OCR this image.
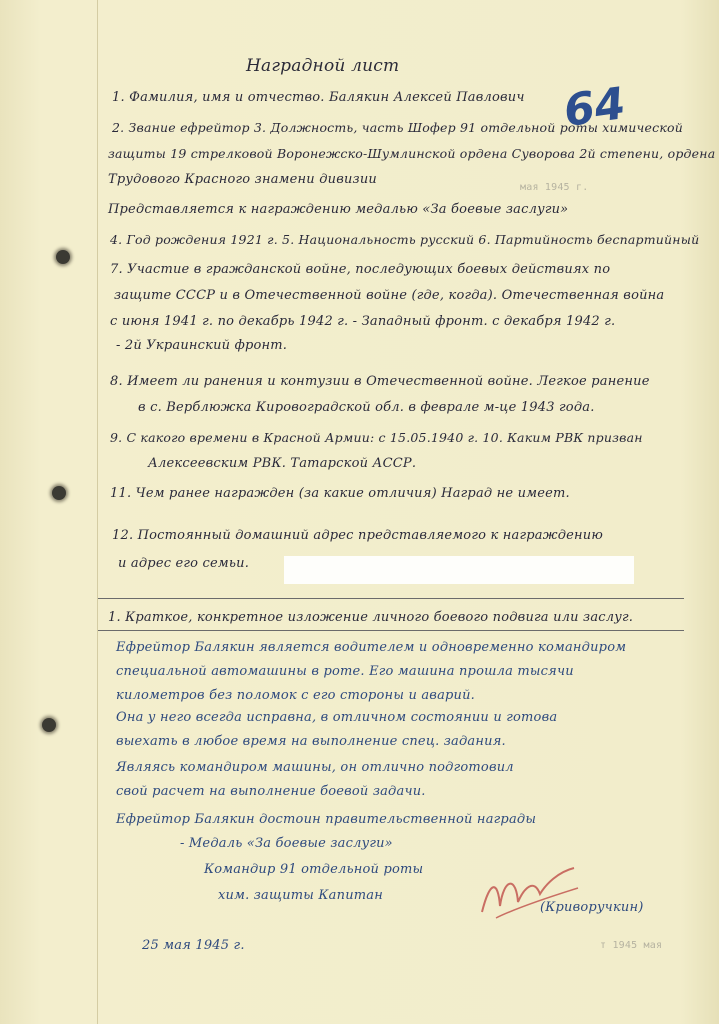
Наградной лист
64
мая 1945 г.
1. Фамилия, имя и отчество. Балякин Алексей Павлович
2. Звание ефрейтор 3. Должность, часть Шофер 91 отдельной роты химической
защиты 19 стрелковой Воронежско-Шумлинской ордена Суворова 2й степени, ордена
Трудового Красного знамени дивизии
Представляется к награждению медалью «За боевые заслуги»
4. Год рождения 1921 г. 5. Национальность русский 6. Партийность беспартийный
7. Участие в гражданской войне, последующих боевых действиях по
защите СССР и в Отечественной войне (где, когда). Отечественная война
с июня 1941 г. по декабрь 1942 г. - Западный фронт. с декабря 1942 г.
- 2й Украинский фронт.
8. Имеет ли ранения и контузии в Отечественной войне. Легкое ранение
в с. Верблюжка Кировоградской обл. в феврале м-це 1943 года.
9. С какого времени в Красной Армии: с 15.05.1940 г. 10. Каким РВК призван
Алексеевским РВК. Татарской АССР.
11. Чем ранее награжден (за какие отличия) Наград не имеет.
12. Постоянный домашний адрес представляемого к награждению
и адрес его семьи.
1. Краткое, конкретное изложение личного боевого подвига или заслуг.
Ефрейтор Балякин является водителем и одновременно командиром
специальной автомашины в роте. Его машина прошла тысячи
километров без поломок с его стороны и аварий.
Она у него всегда исправна, в отличном состоянии и готова
выехать в любое время на выполнение спец. задания.
Являясь командиром машины, он отлично подготовил
свой расчет на выполнение боевой задачи.
Ефрейтор Балякин достоин правительственной награды
- Медаль «За боевые заслуги»
т 1945 мая
Командир 91 отдельной роты
хим. защиты Капитан
(Криворучкин)
25 мая 1945 г.
